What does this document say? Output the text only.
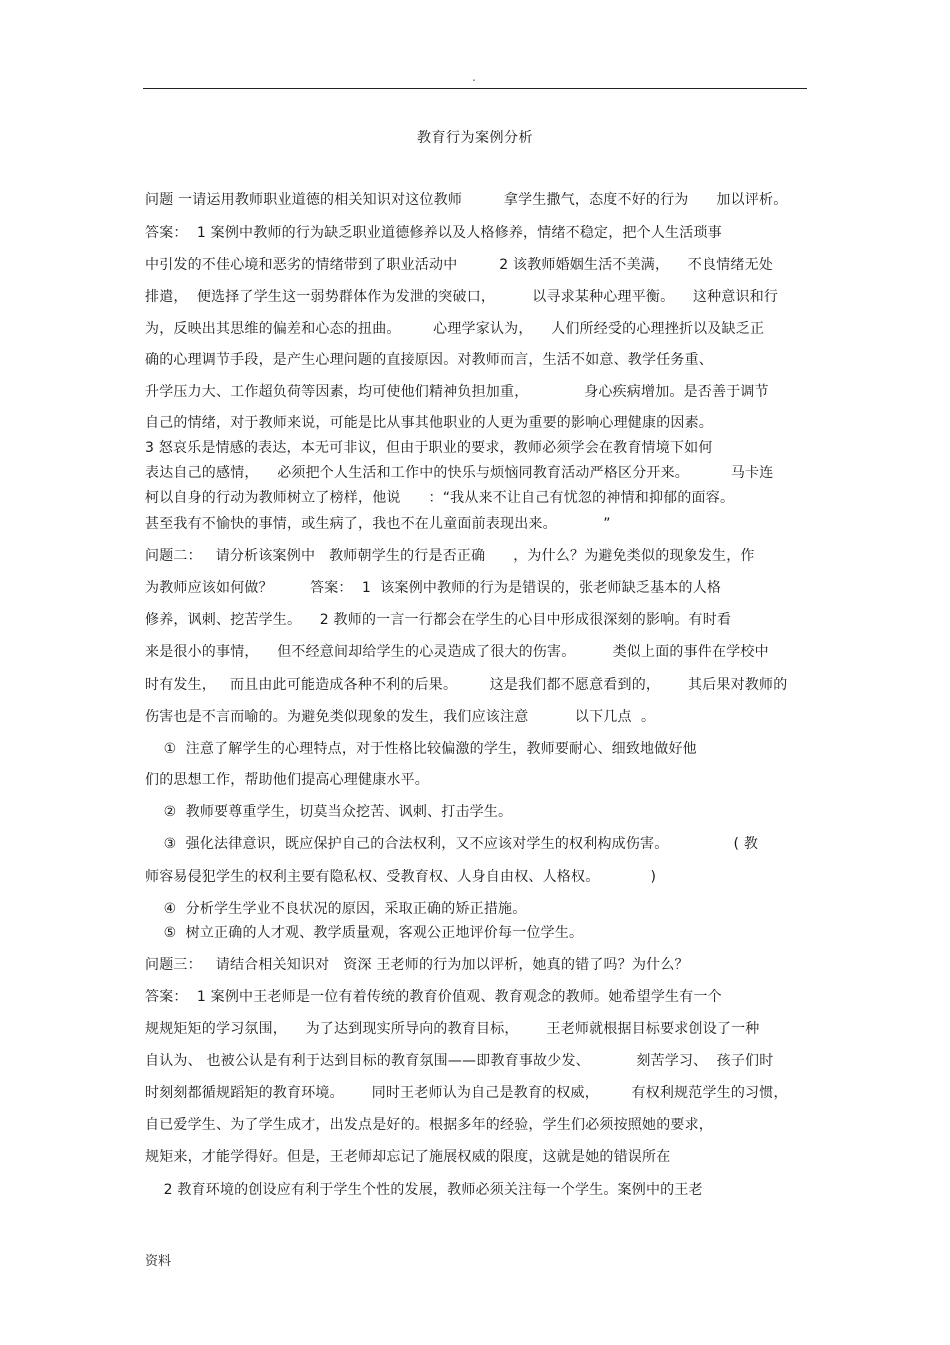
.
教育行为案例分析
问题 一请运用教师职业道德的相关知识对这位教师         拿学生撒气，态度不好的行为      加以评析。
答案：  1 案例中教师的行为缺乏职业道德修养以及人格修养，情绪不稳定，把个人生活琐事
中引发的不佳心境和恶劣的情绪带到了职业活动中         2 该教师婚姻生活不美满，    不良情绪无处
排遣，  便选择了学生这一弱势群体作为发泄的突破口，        以寻求某种心理平衡。    这种意识和行
为，反映出其思维的偏差和心态的扭曲。       心理学家认为，    人们所经受的心理挫折以及缺乏正
确的心理调节手段，是产生心理问题的直接原因。对教师而言，生活不如意、教学任务重、
升学压力大、工作超负荷等因素，均可使他们精神负担加重，            身心疾病增加。是否善于调节
自己的情绪，对于教师来说，可能是比从事其他职业的人更为重要的影响心理健康的因素。
3 怒哀乐是情感的表达，本无可非议，但由于职业的要求，教师必须学会在教育情境下如何
表达自己的感情，    必须把个人生活和工作中的快乐与烦恼同教育活动严格区分开来。         马卡连
柯以自身的行动为教师树立了榜样，他说      ：“我从来不让自己有忧忽的神情和抑郁的面容。
甚至我有不愉快的事情，或生病了，我也不在儿童面前表现出来。          ”
问题二：   请分析该案例中   教师朝学生的行是否正确      ，为什么？为避免类似的现象发生，作
为教师应该如何做？        答案：  1  该案例中教师的行为是错误的，张老师缺乏基本的人格
修养，讽刺、挖苦学生。    2 教师的一言一行都会在学生的心目中形成很深刻的影响。有时看
来是很小的事情，    但不经意间却给学生的心灵造成了很大的伤害。        类似上面的事件在学校中
时有发生，   而且由此可能造成各种不利的后果。       这是我们都不愿意看到的，      其后果对教师的
伤害也是不言而喻的。为避免类似现象的发生，我们应该注意          以下几点  。
①  注意了解学生的心理特点，对于性格比较偏激的学生，教师要耐心、细致地做好他
们的思想工作，帮助他们提高心理健康水平。
②  教师要尊重学生，切莫当众挖苦、讽刺、打击学生。
③  强化法律意识，既应保护自己的合法权利，又不应该对学生的权利构成伤害。              ( 教
师容易侵犯学生的权利主要有隐私权、受教育权、人身自由权、人格权。           )
④  分析学生学业不良状况的原因，采取正确的矫正措施。
⑤  树立正确的人才观、教学质量观，客观公正地评价每一位学生。
问题三：   请结合相关知识对   资深 王老师的行为加以评析，她真的错了吗？为什么？
答案：  1 案例中王老师是一位有着传统的教育价值观、教育观念的教师。她希望学生有一个
规规矩矩的学习氛围，    为了达到现实所导向的教育目标，      王老师就根据目标要求创设了一种
自认为、 也被公认是有利于达到目标的教育氛围——即教育事故少发、          刻苦学习、  孩子们时
时刻刻都循规蹈矩的教育环境。      同时王老师认为自己是教育的权威，       有权利规范学生的习惯，
自已爱学生、为了学生成才，出发点是好的。根据多年的经验，学生们必须按照她的要求，
规矩来，才能学得好。但是，王老师却忘记了施展权威的限度，这就是她的错误所在
2 教育环境的创设应有利于学生个性的发展，教师必须关注每一个学生。案例中的王老
资料
